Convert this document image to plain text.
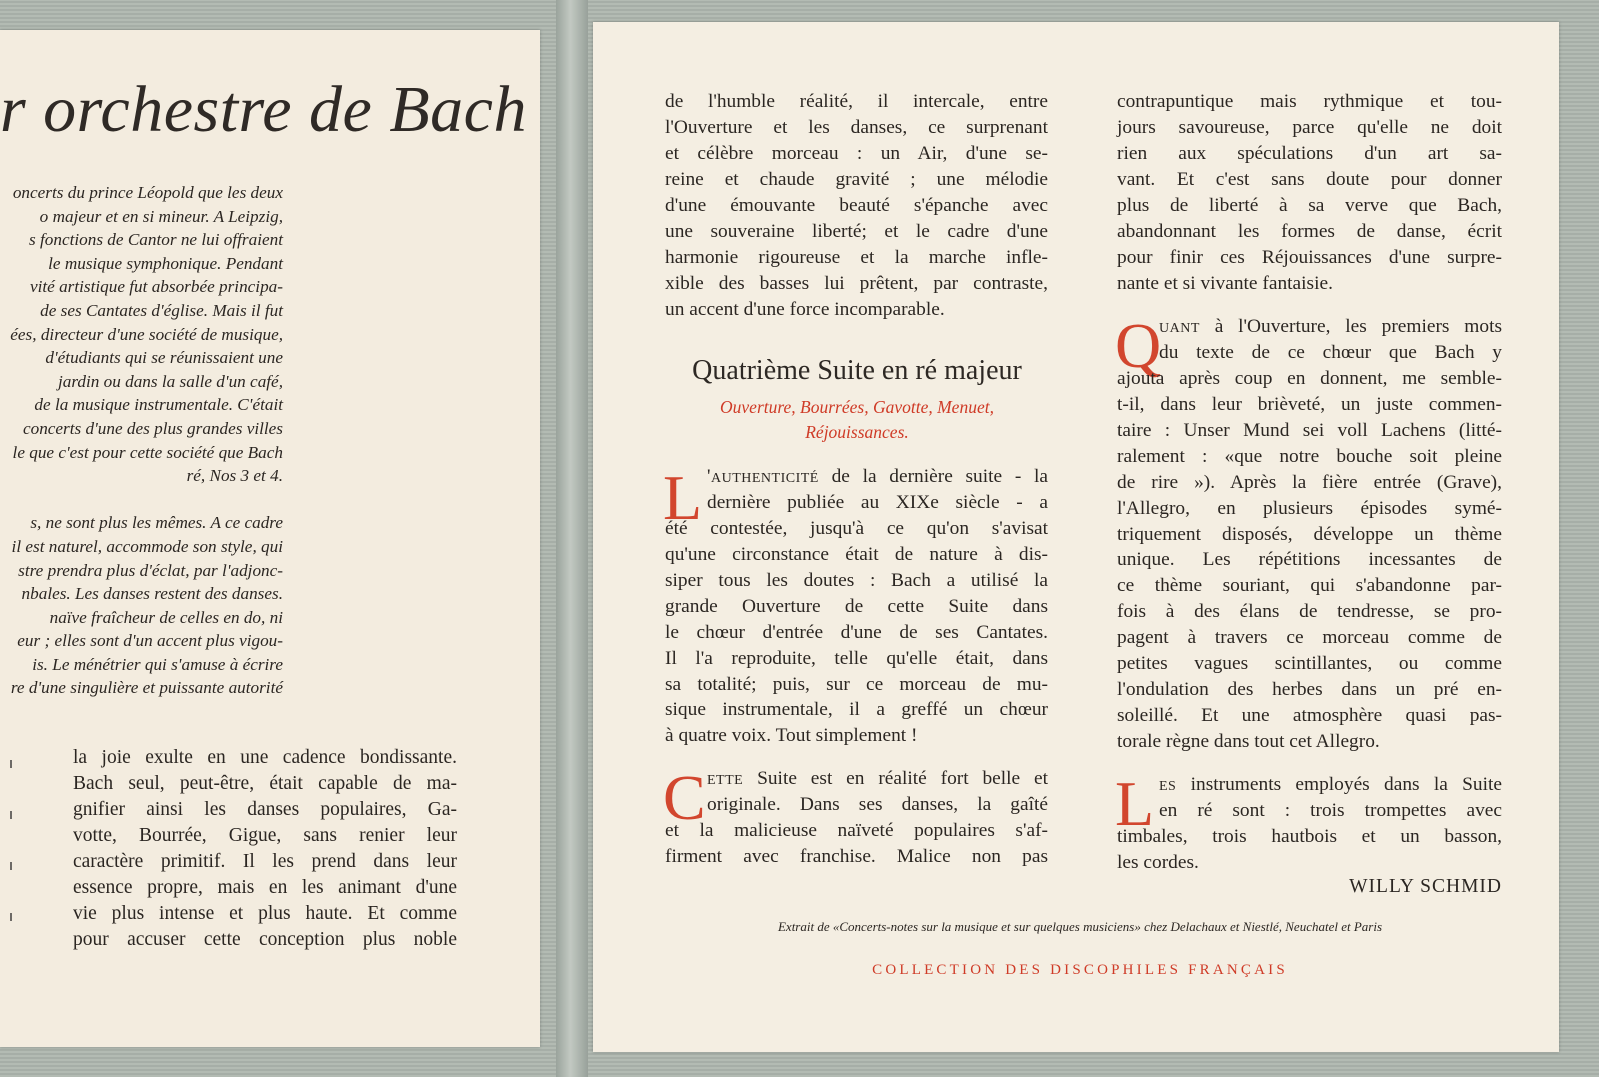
r orchestre de Bach
oncerts du prince Léopold que les deux
o majeur et en si mineur. A Leipzig,
s fonctions de Cantor ne lui offraient
le musique symphonique. Pendant
vité artistique fut absorbée principa-
de ses Cantates d'église. Mais il fut
ées, directeur d'une société de musique,
d'étudiants qui se réunissaient une
jardin ou dans la salle d'un café,
de la musique instrumentale. C'était
concerts d'une des plus grandes villes
le que c'est pour cette société que Bach
ré, Nos 3 et 4.
s, ne sont plus les mêmes. A ce cadre
il est naturel, accommode son style, qui
stre prendra plus d'éclat, par l'adjonc-
nbales. Les danses restent des danses.
naïve fraîcheur de celles en do, ni
eur ; elles sont d'un accent plus vigou-
is. Le ménétrier qui s'amuse à écrire
re d'une singulière et puissante autorité
la joie exulte en une cadence bondissante.
Bach seul, peut-être, était capable de ma-
gnifier ainsi les danses populaires, Ga-
votte, Bourrée, Gigue, sans renier leur
caractère primitif. Il les prend dans leur
essence propre, mais en les animant d'une
vie plus intense et plus haute. Et comme
pour accuser cette conception plus noble
de l'humble réalité, il intercale, entre
l'Ouverture et les danses, ce surprenant
et célèbre morceau : un Air, d'une se-
reine et chaude gravité ; une mélodie
d'une émouvante beauté s'épanche avec
une souveraine liberté; et le cadre d'une
harmonie rigoureuse et la marche infle-
xible des basses lui prêtent, par contraste,
un accent d'une force incomparable.
Quatrième Suite en ré majeur
Ouverture, Bourrées, Gavotte, Menuet,
Réjouissances.
L 'authenticité de la dernière suite - la
dernière publiée au XIXe siècle - a
été contestée, jusqu'à ce qu'on s'avisat
qu'une circonstance était de nature à dis-
siper tous les doutes : Bach a utilisé la
grande Ouverture de cette Suite dans
le chœur d'entrée d'une de ses Cantates.
Il l'a reproduite, telle qu'elle était, dans
sa totalité; puis, sur ce morceau de mu-
sique instrumentale, il a greffé un chœur
à quatre voix. Tout simplement !
C ette Suite est en réalité fort belle et
originale. Dans ses danses, la gaîté
et la malicieuse naïveté populaires s'af-
firment avec franchise. Malice non pas
contrapuntique mais rythmique et tou-
jours savoureuse, parce qu'elle ne doit
rien aux spéculations d'un art sa-
vant. Et c'est sans doute pour donner
plus de liberté à sa verve que Bach,
abandonnant les formes de danse, écrit
pour finir ces Réjouissances d'une surpre-
nante et si vivante fantaisie.
Q
uant à l'Ouverture, les premiers mots
du texte de ce chœur que Bach y
ajouta après coup en donnent, me semble-
t-il, dans leur brièveté, un juste commen-
taire : Unser Mund sei voll Lachens (litté-
ralement : «que notre bouche soit pleine
de rire »). Après la fière entrée (Grave),
l'Allegro, en plusieurs épisodes symé-
triquement disposés, développe un thème
unique. Les répétitions incessantes de
ce thème souriant, qui s'abandonne par-
fois à des élans de tendresse, se pro-
pagent à travers ce morceau comme de
petites vagues scintillantes, ou comme
l'ondulation des herbes dans un pré en-
soleillé. Et une atmosphère quasi pas-
torale règne dans tout cet Allegro.
L es instruments employés dans la Suite
en ré sont : trois trompettes avec
timbales, trois hautbois et un basson,
les cordes.
WILLY SCHMID
Extrait de «Concerts-notes sur la musique et sur quelques musiciens» chez Delachaux et Niestlé, Neuchatel et Paris
COLLECTION DES DISCOPHILES FRANÇAIS
